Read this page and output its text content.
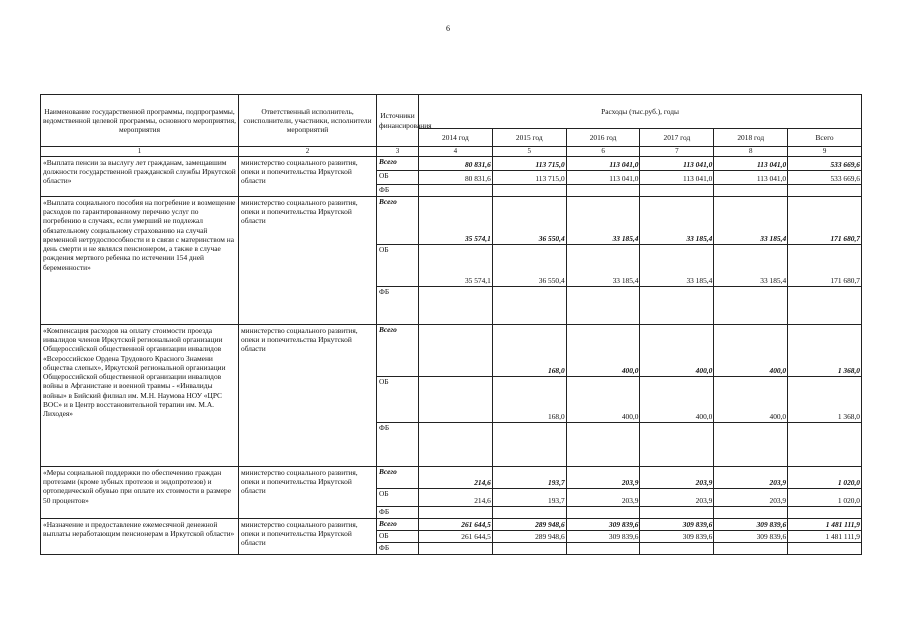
6
Наименование государственной программы, подпрограммы, ведомственной целевой программы, основного мероприятия, мероприятия	Ответственный исполнитель, соисполнители, участники, исполнители мероприятий	Источники финансирования	Расходы (тыс.руб.), годы					
			2014 год	2015 год	2016 год	2017 год	2018 год	Всего
1	2	3	4	5	6	7	8	9
«Выплата пенсии за выслугу лет гражданам, замещавшим должности государственной гражданской службы Иркутской области»	министерство социального развития, опеки и попечительства Иркутской области	Всего	80 831,6	113 715,0	113 041,0	113 041,0	113 041,0	533 669,6
		ОБ	80 831,6	113 715,0	113 041,0	113 041,0	113 041,0	533 669,6
		ФБ						
«Выплата социального пособия на погребение и возмещение расходов по гарантированному перечню услуг по погребению в случаях, если умерший не подлежал обязательному социальному страхованию на случай временной нетрудоспособности и в связи с материнством на день смерти и не являлся пенсионером, а также в случае рождения мертвого ребенка по истечении 154 дней беременности»	министерство социального развития, опеки и попечительства Иркутской области	Всего	35 574,1	36 550,4	33 185,4	33 185,4	33 185,4	171 680,7
		ОБ	35 574,1	36 550,4	33 185,4	33 185,4	33 185,4	171 680,7
		ФБ						
«Компенсация расходов на оплату стоимости проезда инвалидов членов Иркутской региональной организации Общероссийской общественной организации инвалидов «Всероссийское Ордена Трудового Красного Знамени общества слепых», Иркутской региональной организации Общероссийской общественной организации инвалидов войны в Афганистане и военной травмы - «Инвалиды войны» в Бийский филиал им. М.Н. Наумова НОУ «ЦРС ВОС» и в Центр восстановительной терапии им. М.А. Лиходея»	министерство социального развития, опеки и попечительства Иркутской области	Всего		168,0	400,0	400,0	400,0	1 368,0
		ОБ		168,0	400,0	400,0	400,0	1 368,0
		ФБ						
«Меры социальной поддержки по обеспечению граждан протезами (кроме зубных протезов и эндопротезов) и ортопедической обувью при оплате их стоимости в размере 50 процентов»	министерство социального развития, опеки и попечительства Иркутской области	Всего	214,6	193,7	203,9	203,9	203,9	1 020,0
		ОБ	214,6	193,7	203,9	203,9	203,9	1 020,0
		ФБ						
«Назначение и предоставление ежемесячной денежной выплаты неработающим пенсионерам в Иркутской области»	министерство социального развития, опеки и попечительства Иркутской области	Всего	261 644,5	289 948,6	309 839,6	309 839,6	309 839,6	1 481 111,9
		ОБ	261 644,5	289 948,6	309 839,6	309 839,6	309 839,6	1 481 111,9
		ФБ						
